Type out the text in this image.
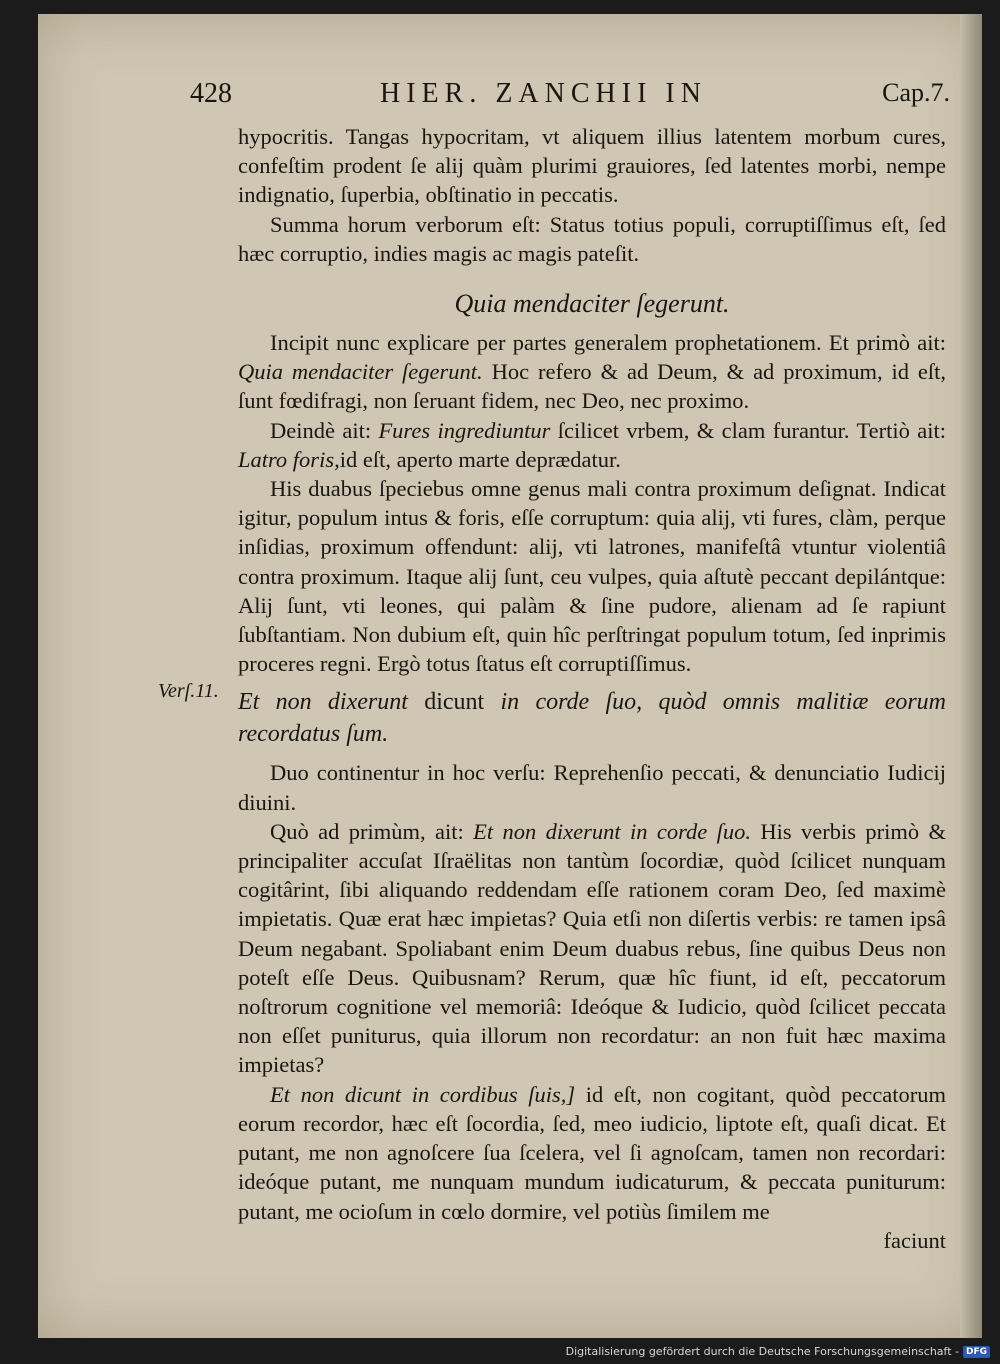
428	HIER. ZANCHII IN	Cap.7.
Verſ.11.

hypocritis. Tangas hypocritam, vt aliquem illius latentem morbum cures, confeſtim prodent ſe alij quàm plurimi grauiores, ſed latentes morbi, nempe indignatio, ſuperbia, obſtinatio in peccatis.

Summa horum verborum eſt: Status totius populi, corruptiſſimus eſt, ſed hæc corruptio, indies magis ac magis pateſit.

Quia mendaciter ſegerunt.

Incipit nunc explicare per partes generalem prophetationem. Et primò ait: Quia mendaciter ſegerunt. Hoc refero & ad Deum, & ad proximum, id eſt, ſunt fœdifragi, non ſeruant fidem, nec Deo, nec proximo.

Deindè ait: Fures ingrediuntur ſcilicet vrbem, & clam furantur. Tertiò ait: Latro foris,id eſt, aperto marte deprædatur.

His duabus ſpeciebus omne genus mali contra proximum deſignat. Indicat igitur, populum intus & foris, eſſe corruptum: quia alij, vti fures, clàm, perque inſidias, proximum offendunt: alij, vti latrones, manifeſtâ vtuntur violentiâ contra proximum. Itaque alij ſunt, ceu vulpes, quia aſtutè peccant depilántque: Alij ſunt, vti leones, qui palàm & ſine pudore, alienam ad ſe rapiunt ſubſtantiam. Non dubium eſt, quin hîc perſtringat populum totum, ſed inprimis proceres regni. Ergò totus ſtatus eſt corruptiſſimus.

Et non dixerunt dicunt in corde ſuo, quòd omnis malitiæ eorum recordatus ſum.

Duo continentur in hoc verſu: Reprehenſio peccati, & denunciatio Iudicij diuini.

Quò ad primùm, ait: Et non dixerunt in corde ſuo. His verbis primò & principaliter accuſat Iſraëlitas non tantùm ſocordiæ, quòd ſcilicet nunquam cogitârint, ſibi aliquando reddendam eſſe rationem coram Deo, ſed maximè impietatis. Quæ erat hæc impietas? Quia etſi non diſertis verbis: re tamen ipsâ Deum negabant. Spoliabant enim Deum duabus rebus, ſine quibus Deus non poteſt eſſe Deus. Quibusnam? Rerum, quæ hîc fiunt, id eſt, peccatorum noſtrorum cognitione vel memoriâ: Ideóque & Iudicio, quòd ſcilicet peccata non eſſet puniturus, quia illorum non recordatur: an non fuit hæc maxima impietas?

Et non dicunt in cordibus ſuis,] id eſt, non cogitant, quòd peccatorum eorum recordor, hæc eſt ſocordia, ſed, meo iudicio, liptote eſt, quaſi dicat. Et putant, me non agnoſcere ſua ſcelera, vel ſi agnoſcam, tamen non recordari: ideóque putant, me nunquam mundum iudicaturum, & peccata puniturum: putant, me ocioſum in cœlo dormire, vel potiùs ſimilem me

faciunt

Digitalisierung gefördert durch die Deutsche Forschungsgemeinschaft - DFG
